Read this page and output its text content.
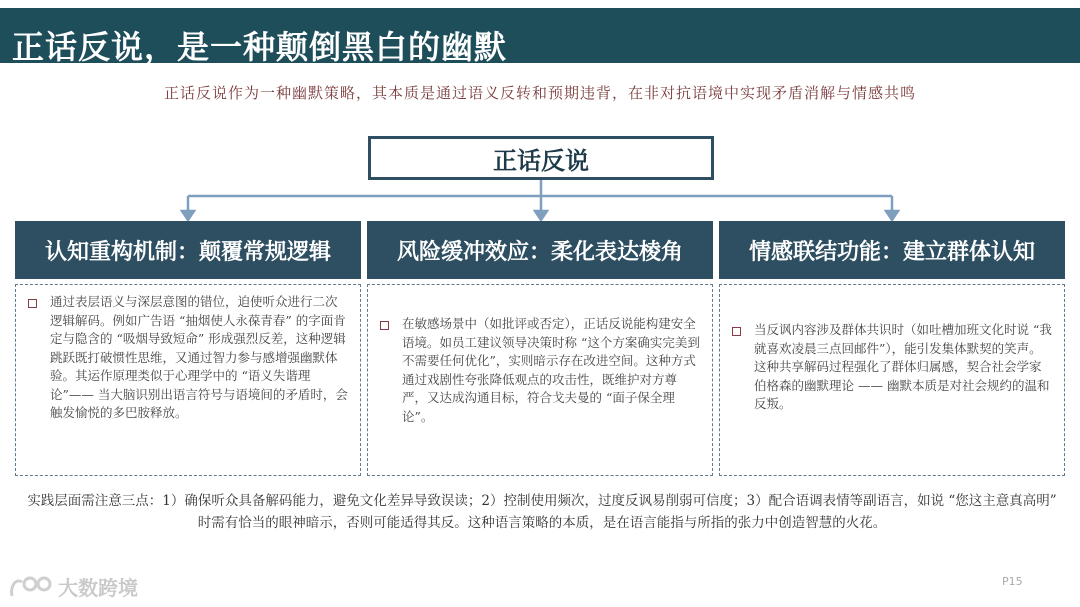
正话反说，是一种颠倒黑白的幽默
正话反说作为一种幽默策略，其本质是通过语义反转和预期违背，在非对抗语境中实现矛盾消解与情感共鸣
正话反说
认知重构机制：颠覆常规逻辑	风险缓冲效应：柔化表达棱角	情感联结功能：建立群体认知
通过表层语义与深层意图的错位，迫使听众进行二次逻辑解码。例如广告语 “抽烟使人永葆青春” 的字面肯定与隐含的 “吸烟导致短命” 形成强烈反差，这种逻辑跳跃既打破惯性思维，又通过智力参与感增强幽默体验。其运作原理类似于心理学中的 “语义失谐理论”—— 当大脑识别出语言符号与语境间的矛盾时，会触发愉悦的多巴胺释放。
在敏感场景中（如批评或否定），正话反说能构建安全语境。如员工建议领导决策时称 “这个方案确实完美到不需要任何优化”，实则暗示存在改进空间。这种方式通过戏剧性夸张降低观点的攻击性，既维护对方尊严，又达成沟通目标，符合戈夫曼的 “面子保全理论”。
当反讽内容涉及群体共识时（如吐槽加班文化时说 “我就喜欢凌晨三点回邮件”），能引发集体默契的笑声。这种共享解码过程强化了群体归属感，契合社会学家伯格森的幽默理论 —— 幽默本质是对社会规约的温和反叛。
实践层面需注意三点：1）确保听众具备解码能力，避免文化差异导致误读；2）控制使用频次，过度反讽易削弱可信度；3）配合语调表情等副语言，如说 “您这主意真高明” 时需有恰当的眼神暗示，否则可能适得其反。这种语言策略的本质，是在语言能指与所指的张力中创造智慧的火花。
大数跨境	P15
